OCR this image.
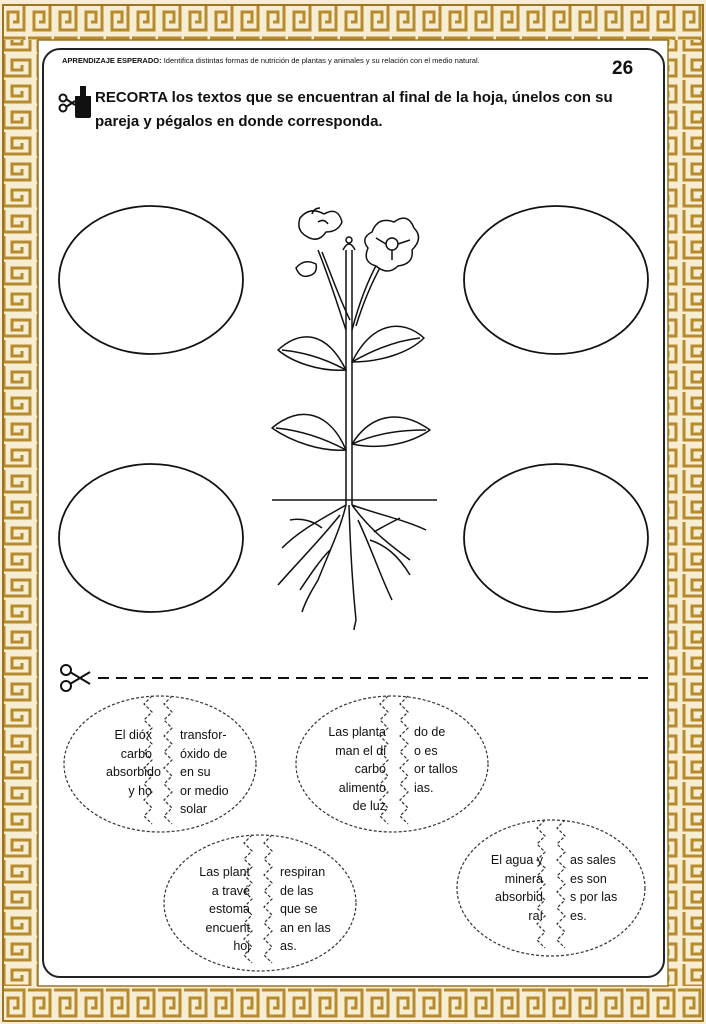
APRENDIZAJE ESPERADO: Identifica distintas formas de nutrición de plantas y animales y su relación con el medio natural.	26
RECORTA los textos que se encuentran al final de la hoja, únelos con su pareja y pégalos en donde corresponda.
El dióx
carbo
absorbido
y ho
transfor-
óxido de
en su
or medio
solar
Las planta
man el di
carbo
alimento
de luz
do de
o es
or tallos
ias.
Las plant
a travé
estoma
encuent
hoj
respiran
de las
que se
an en las
as.
El agua y
minera
absorbid
raí
as sales
es son
s por las
es.
